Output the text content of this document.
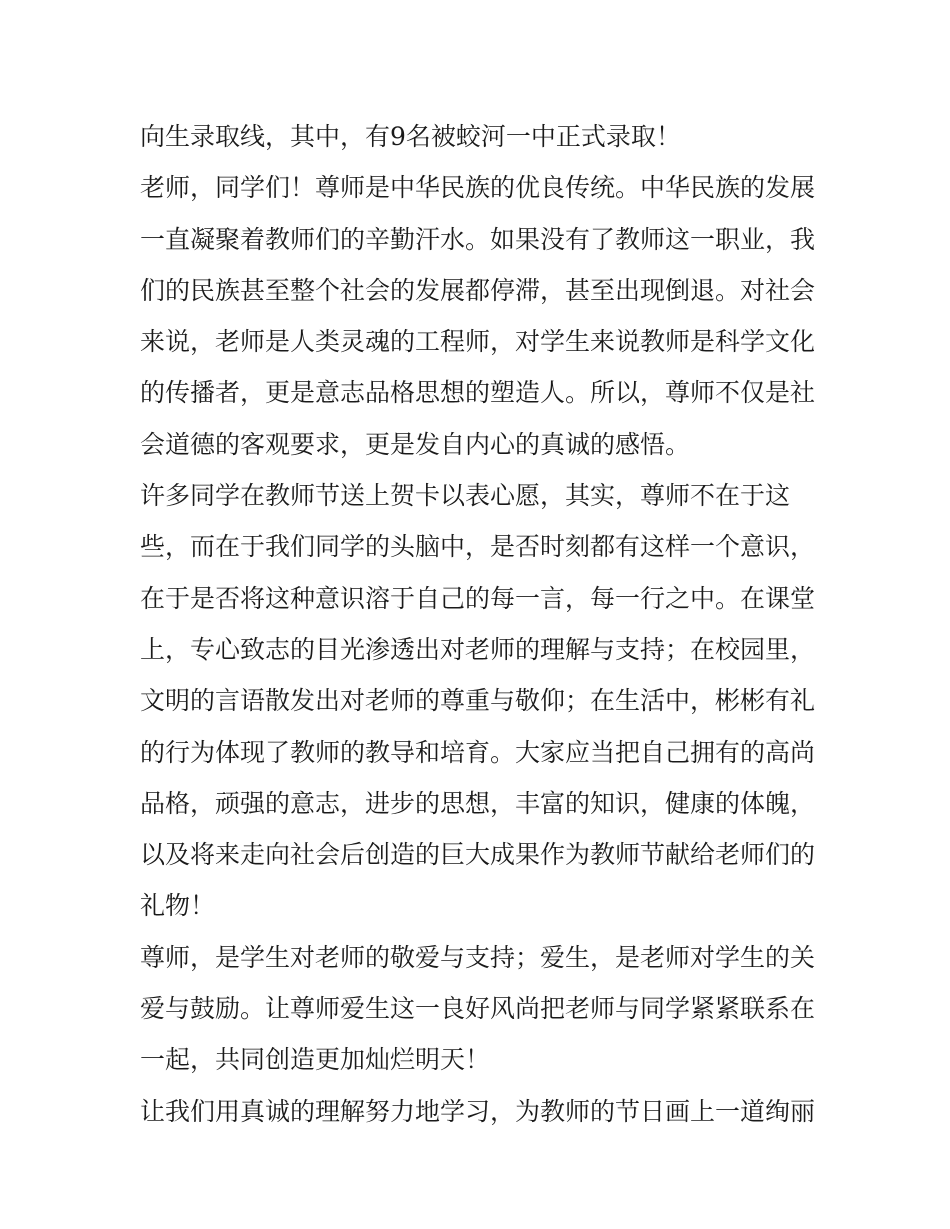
向生录取线，其中，有9名被蛟河一中正式录取！
老师，同学们！尊师是中华民族的优良传统。中华民族的发展
一直凝聚着教师们的辛勤汗水。如果没有了教师这一职业，我
们的民族甚至整个社会的发展都停滞，甚至出现倒退。对社会
来说，老师是人类灵魂的工程师，对学生来说教师是科学文化
的传播者，更是意志品格思想的塑造人。所以，尊师不仅是社
会道德的客观要求，更是发自内心的真诚的感悟。
许多同学在教师节送上贺卡以表心愿，其实，尊师不在于这
些，而在于我们同学的头脑中，是否时刻都有这样一个意识，
在于是否将这种意识溶于自己的每一言，每一行之中。在课堂
上，专心致志的目光渗透出对老师的理解与支持；在校园里，
文明的言语散发出对老师的尊重与敬仰；在生活中，彬彬有礼
的行为体现了教师的教导和培育。大家应当把自己拥有的高尚
品格，顽强的意志，进步的思想，丰富的知识，健康的体魄，
以及将来走向社会后创造的巨大成果作为教师节献给老师们的
礼物！
尊师，是学生对老师的敬爱与支持；爱生，是老师对学生的关
爱与鼓励。让尊师爱生这一良好风尚把老师与同学紧紧联系在
一起，共同创造更加灿烂明天！
让我们用真诚的理解努力地学习，为教师的节日画上一道绚丽
